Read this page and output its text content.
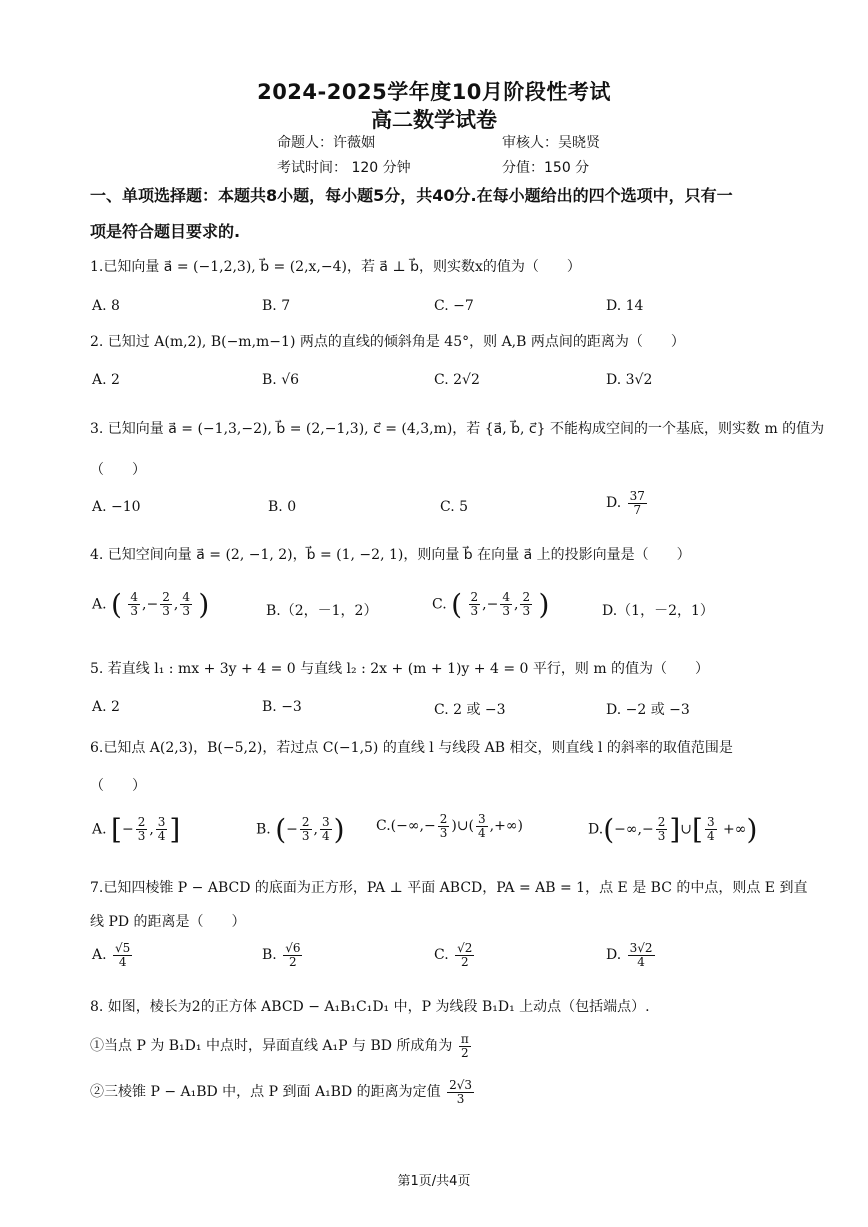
2024-2025学年度10月阶段性考试
高二数学试卷
命题人：许薇姻	审核人：吴晓贤
考试时间： 120 分钟	分值：150 分
一、单项选择题：本题共8小题，每小题5分，共40分.在每小题给出的四个选项中，只有一
项是符合题目要求的.
1.已知向量 a⃗ = (−1,2,3), b⃗ = (2,x,−4)，若 a⃗ ⊥ b⃗，则实数x的值为（　　）
A. 8	B. 7	C. −7	D. 14
2. 已知过 A(m,2), B(−m,m−1) 两点的直线的倾斜角是 45°，则 A,B 两点间的距离为（　　）
A. 2	B. √6	C. 2√2	D. 3√2
3. 已知向量 a⃗ = (−1,3,−2), b⃗ = (2,−1,3), c⃗ = (4,3,m)，若 {a⃗, b⃗, c⃗} 不能构成空间的一个基底，则实数 m 的值为
（　　）
A. −10	B. 0	C. 5	D. $\frac{37}{7}$
4. 已知空间向量 a⃗ = (2, −1, 2)，b⃗ = (1, −2, 1)，则向量 b⃗ 在向量 a⃗ 上的投影向量是（　　）
A. ( $\frac{4}{3}$ ,− $\frac{2}{3}$ , $\frac{4}{3}$ )	B.（2，－1，2）	C. ( $\frac{2}{3}$ ,− $\frac{4}{3}$ , $\frac{2}{3}$ )	D.（1，－2，1）
5. 若直线 l₁ : mx + 3y + 4 = 0 与直线 l₂ : 2x + (m + 1)y + 4 = 0 平行，则 m 的值为（　　）
A. 2	B. −3	C. 2 或 −3	D. −2 或 −3
6.已知点 A(2,3)，B(−5,2)，若过点 C(−1,5) 的直线 l 与线段 AB 相交，则直线 l 的斜率的取值范围是
（　　）
A. [− $\frac{2}{3}$ , $\frac{3}{4}$ ]	B. (− $\frac{2}{3}$ , $\frac{3}{4}$ ) $C.(-\infty,- \frac{2}{3}$ )∪( $\frac{3}{4}$ ,+∞)	$D.(-\infty,- \frac{2}{3}$ ]∪[ $\frac{3}{4}$ +∞)
7.已知四棱锥 P − ABCD 的底面为正方形，PA ⊥ 平面 ABCD，PA = AB = 1，点 E 是 BC 的中点，则点 E 到直
线 PD 的距离是（　　）
A. $\frac{√5}{4}$	B. $\frac{√6}{2}$	C. $\frac{√2}{2}$	D. $\frac{3√2}{4}$
8. 如图，棱长为2的正方体 ABCD − A₁B₁C₁D₁ 中，P 为线段 B₁D₁ 上动点（包括端点）.
①当点 P 为 B₁D₁ 中点时，异面直线 A₁P 与 BD 所成角为 $\frac{\pi}{2}$
②三棱锥 P − A₁BD 中，点 P 到面 A₁BD 的距离为定值 $\frac{2√3}{3}$
第1页/共4页
